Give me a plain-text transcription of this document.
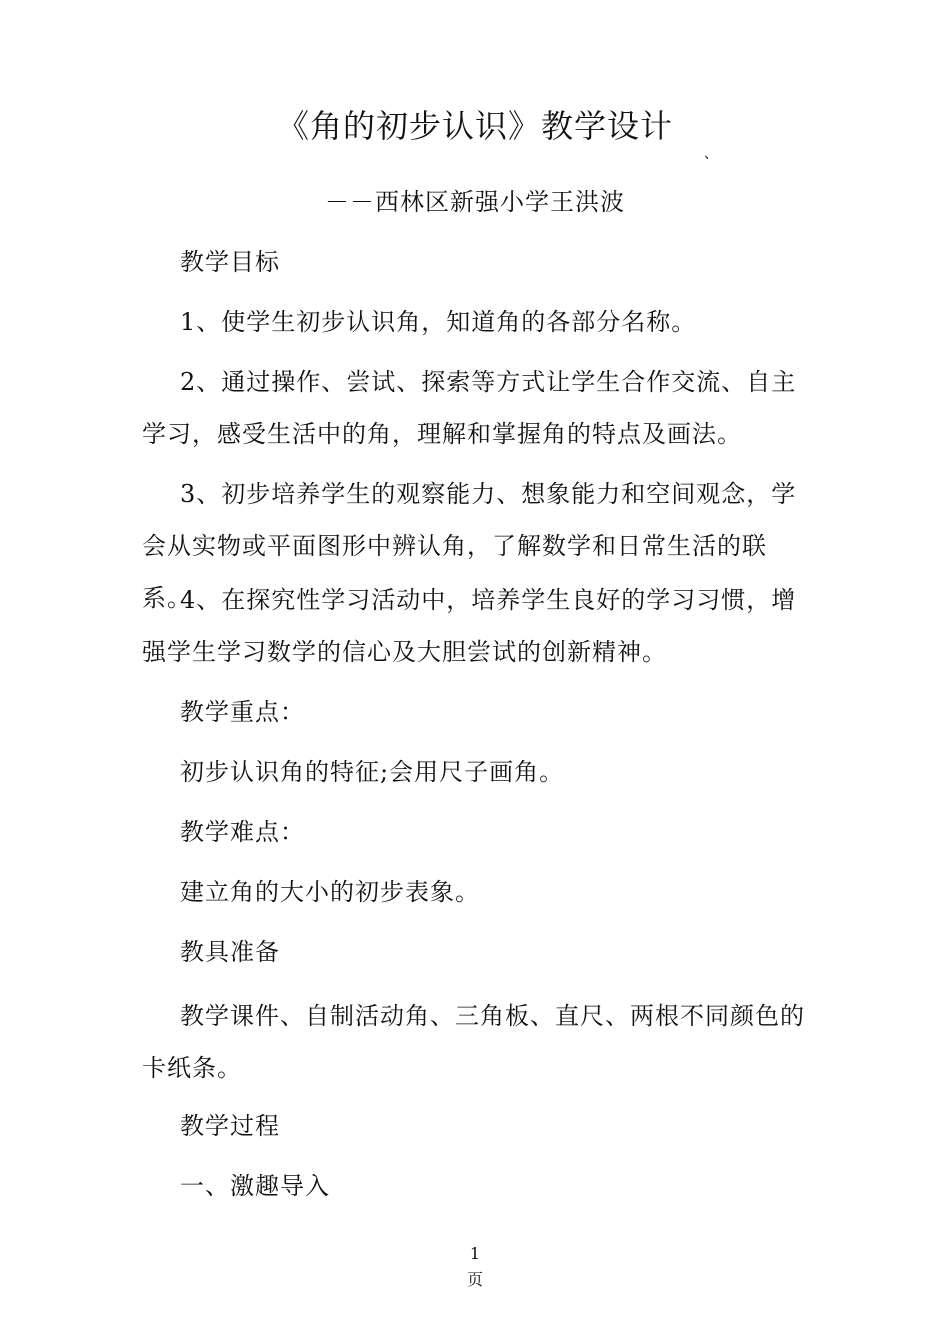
《角的初步认识》教学设计
、
－－西林区新强小学王洪波
教学目标
1、使学生初步认识角，知道角的各部分名称。
2、通过操作、尝试、探索等方式让学生合作交流、自主学习，感受生活中的角，理解和掌握角的特点及画法。
3、初步培养学生的观察能力、想象能力和空间观念，学会从实物或平面图形中辨认角，了解数学和日常生活的联系。
4、在探究性学习活动中，培养学生良好的学习习惯，增强学生学习数学的信心及大胆尝试的创新精神。
教学重点：
初步认识角的特征;会用尺子画角。
教学难点：
建立角的大小的初步表象。
教具准备
教学课件、自制活动角、三角板、直尺、两根不同颜色的卡纸条。
教学过程
一、激趣导入
1
页
